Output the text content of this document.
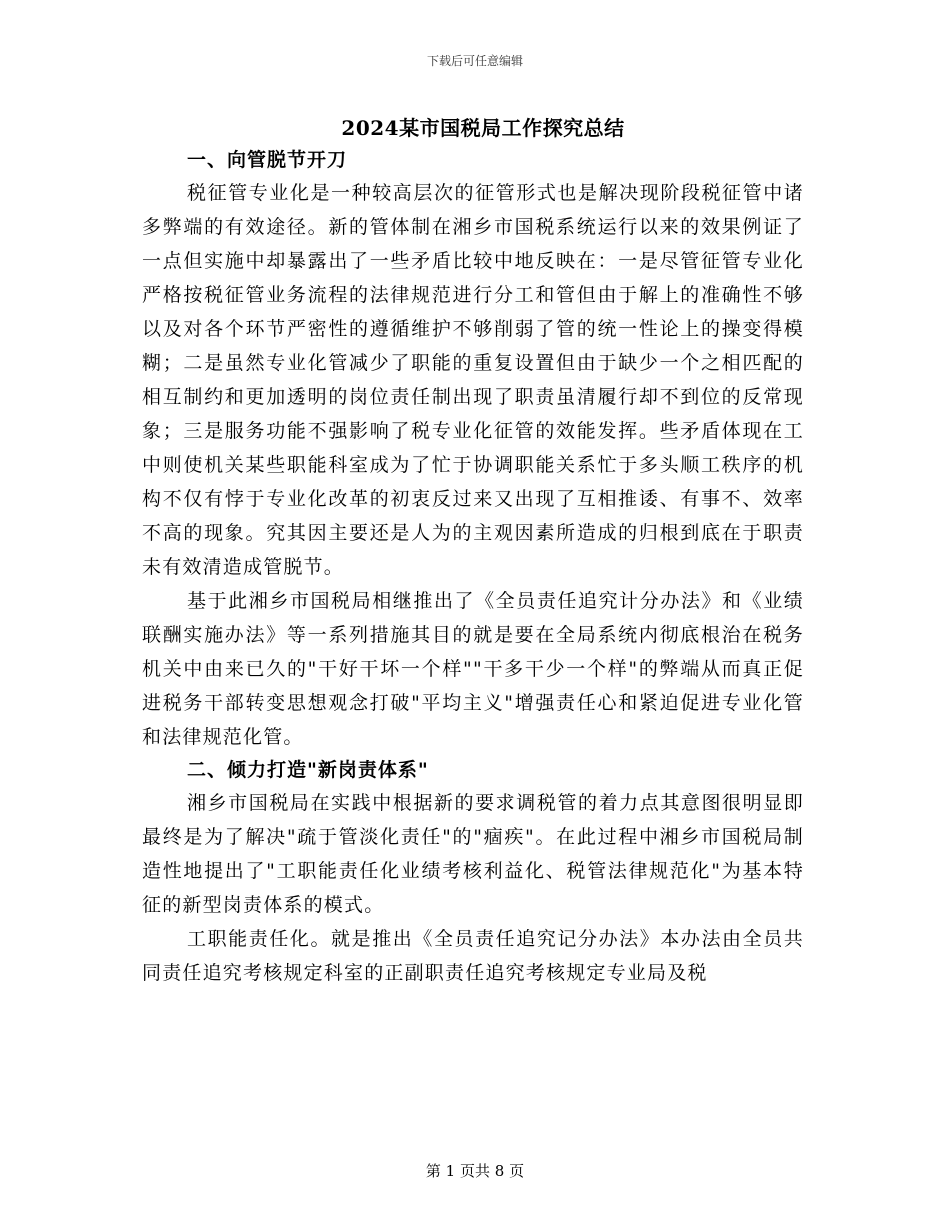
下载后可任意编辑
2024某市国税局工作探究总结
一、向管脱节开刀

税征管专业化是一种较高层次的征管形式也是解决现阶段税征管中诸多弊端的有效途径。新的管体制在湘乡市国税系统运行以来的效果例证了一点但实施中却暴露出了一些矛盾比较中地反映在：一是尽管征管专业化严格按税征管业务流程的法律规范进行分工和管但由于解上的准确性不够以及对各个环节严密性的遵循维护不够削弱了管的统一性论上的操变得模糊；二是虽然专业化管减少了职能的重复设置但由于缺少一个之相匹配的相互制约和更加透明的岗位责任制出现了职责虽清履行却不到位的反常现象；三是服务功能不强影响了税专业化征管的效能发挥。些矛盾体现在工中则使机关某些职能科室成为了忙于协调职能关系忙于多头顺工秩序的机构不仅有悖于专业化改革的初衷反过来又出现了互相推诿、有事不、效率不高的现象。究其因主要还是人为的主观因素所造成的归根到底在于职责未有效清造成管脱节。

基于此湘乡市国税局相继推出了《全员责任追究计分办法》和《业绩联酬实施办法》等一系列措施其目的就是要在全局系统内彻底根治在税务机关中由来已久的"干好干坏一个样""干多干少一个样"的弊端从而真正促进税务干部转变思想观念打破"平均主义"增强责任心和紧迫促进专业化管和法律规范化管。

二、倾力打造"新岗责体系"

湘乡市国税局在实践中根据新的要求调税管的着力点其意图很明显即最终是为了解决"疏于管淡化责任"的"痼疾"。在此过程中湘乡市国税局制造性地提出了"工职能责任化业绩考核利益化、税管法律规范化"为基本特征的新型岗责体系的模式。

工职能责任化。就是推出《全员责任追究记分办法》本办法由全员共同责任追究考核规定科室的正副职责任追究考核规定专业局及税

第 1 页共 8 页
